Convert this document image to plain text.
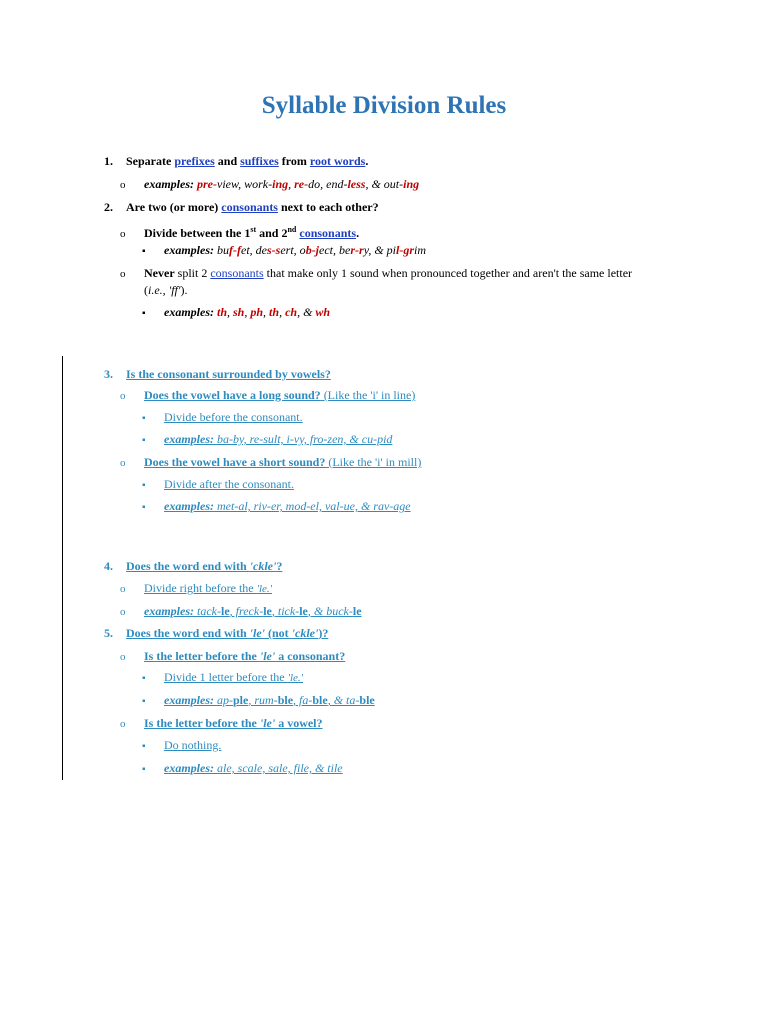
Syllable Division Rules
1. Separate prefixes and suffixes from root words.
o examples: pre-view, work-ing, re-do, end-less, & out-ing
2. Are two (or more) consonants next to each other?
o Divide between the 1st and 2nd consonants.
▪ examples: buf-fet, des-sert, ob-ject, ber-ry, & pil-grim
o Never split 2 consonants that make only 1 sound when pronounced together and aren't the same letter
(i.e., 'ff').
▪ examples: th, sh, ph, th, ch, & wh
3. Is the consonant surrounded by vowels?
o Does the vowel have a long sound? (Like the 'i' in line)
▪ Divide before the consonant.
▪ examples: ba-by, re-sult, i-vy, fro-zen, & cu-pid
o Does the vowel have a short sound? (Like the 'i' in mill)
▪ Divide after the consonant.
▪ examples: met-al, riv-er, mod-el, val-ue, & rav-age
4. Does the word end with 'ckle'?
o Divide right before the 'le.'
o examples: tack-le, freck-le, tick-le, & buck-le
5. Does the word end with 'le' (not 'ckle')?
o Is the letter before the 'le' a consonant?
▪ Divide 1 letter before the 'le.'
▪ examples: ap-ple, rum-ble, fa-ble, & ta-ble
o Is the letter before the 'le' a vowel?
▪ Do nothing.
▪ examples: ale, scale, sale, file, & tile
